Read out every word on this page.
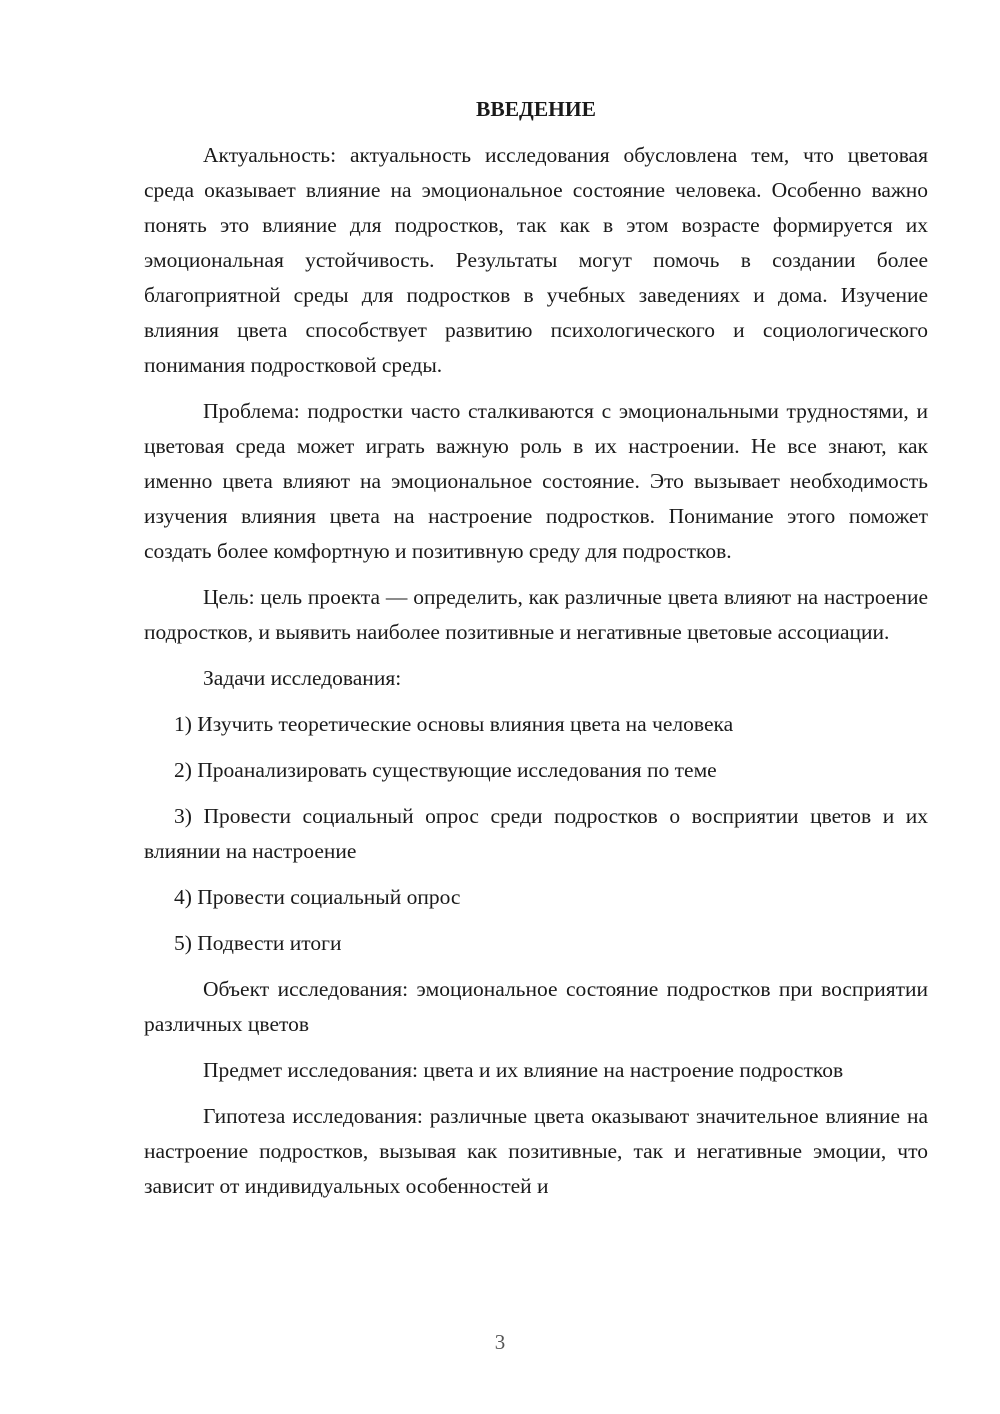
ВВЕДЕНИЕ

Актуальность: актуальность исследования обусловлена тем, что цветовая среда оказывает влияние на эмоциональное состояние человека. Особенно важно понять это влияние для подростков, так как в этом возрасте формируется их эмоциональная устойчивость. Результаты могут помочь в создании более благоприятной среды для подростков в учебных заведениях и дома. Изучение влияния цвета способствует развитию психологического и социологического понимания подростковой среды.

Проблема: подростки часто сталкиваются с эмоциональными трудностями, и цветовая среда может играть важную роль в их настроении. Не все знают, как именно цвета влияют на эмоциональное состояние. Это вызывает необходимость изучения влияния цвета на настроение подростков. Понимание этого поможет создать более комфортную и позитивную среду для подростков.

Цель: цель проекта — определить, как различные цвета влияют на настроение подростков, и выявить наиболее позитивные и негативные цветовые ассоциации.

Задачи исследования:

1) Изучить теоретические основы влияния цвета на человека

2) Проанализировать существующие исследования по теме

3) Провести социальный опрос среди подростков о восприятии цветов и их влиянии на настроение

4) Провести социальный опрос

5) Подвести итоги

Объект исследования: эмоциональное состояние подростков при восприятии различных цветов

Предмет исследования: цвета и их влияние на настроение подростков

Гипотеза исследования: различные цвета оказывают значительное влияние на настроение подростков, вызывая как позитивные, так и негативные эмоции, что зависит от индивидуальных особенностей и

3
